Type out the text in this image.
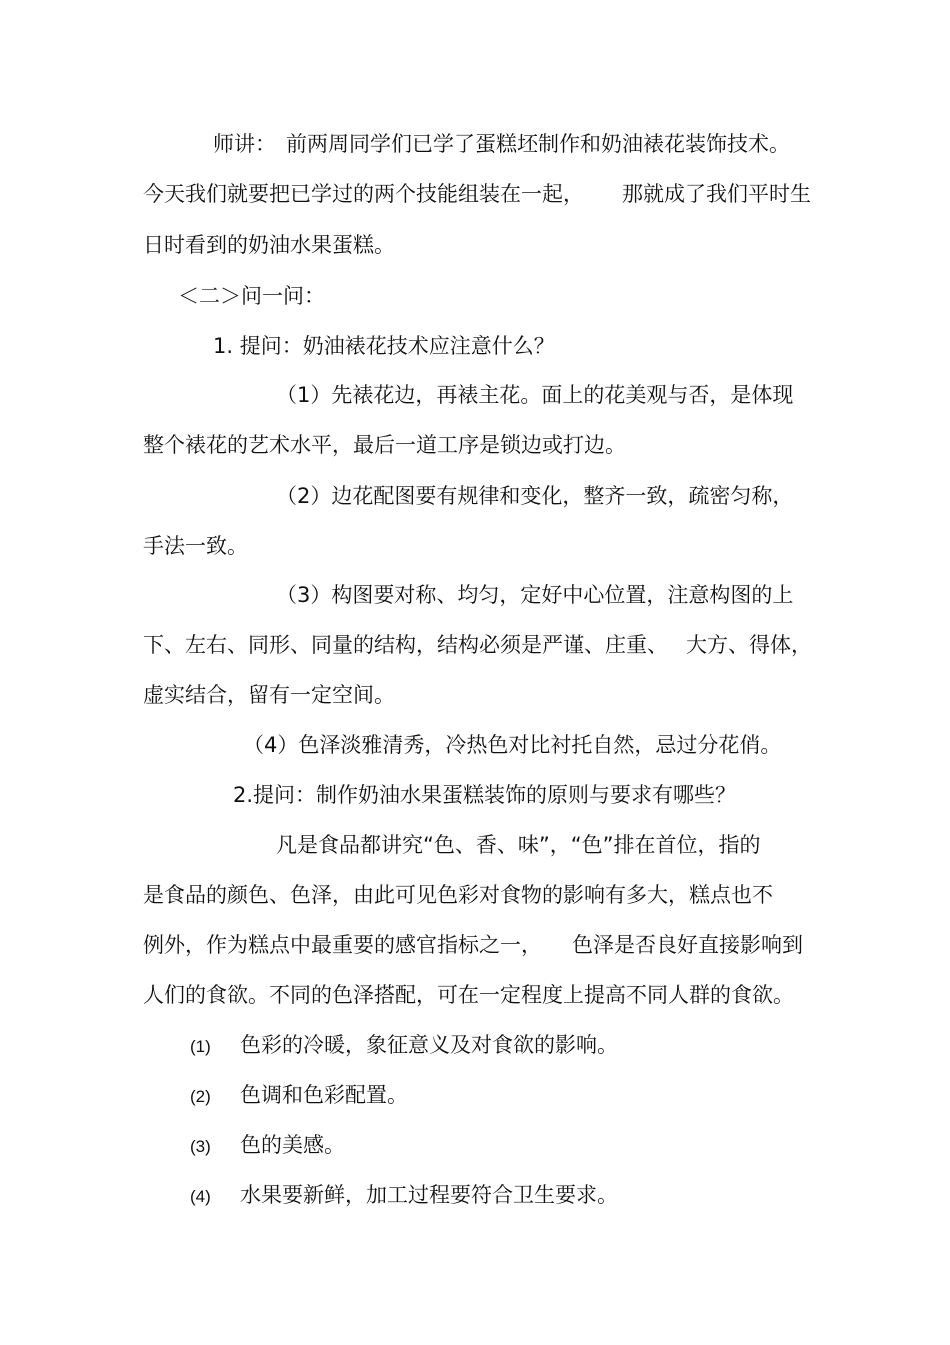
师讲： 前两周同学们已学了蛋糕坯制作和奶油裱花装饰技术。
今天我们就要把已学过的两个技能组装在一起， 那就成了我们平时生
日时看到的奶油水果蛋糕。
＜二＞问一问：
1. 提问：奶油裱花技术应注意什么？
（1）先裱花边，再裱主花。面上的花美观与否，是体现
整个裱花的艺术水平，最后一道工序是锁边或打边。
（2）边花配图要有规律和变化，整齐一致，疏密匀称，
手法一致。
（3）构图要对称、均匀，定好中心位置，注意构图的上
下、左右、同形、同量的结构，结构必须是严谨、庄重、 大方、得体，
虚实结合，留有一定空间。
（4）色泽淡雅清秀，冷热色对比衬托自然，忌过分花俏。
2.提问：制作奶油水果蛋糕装饰的原则与要求有哪些？
凡是食品都讲究“色、香、味”，“色”排在首位，指的
是食品的颜色、色泽，由此可见色彩对食物的影响有多大，糕点也不
例外，作为糕点中最重要的感官指标之一， 色泽是否良好直接影响到
人们的食欲。不同的色泽搭配，可在一定程度上提高不同人群的食欲。
(1) 色彩的冷暖，象征意义及对食欲的影响。
(2) 色调和色彩配置。
(3) 色的美感。
(4) 水果要新鲜，加工过程要符合卫生要求。
